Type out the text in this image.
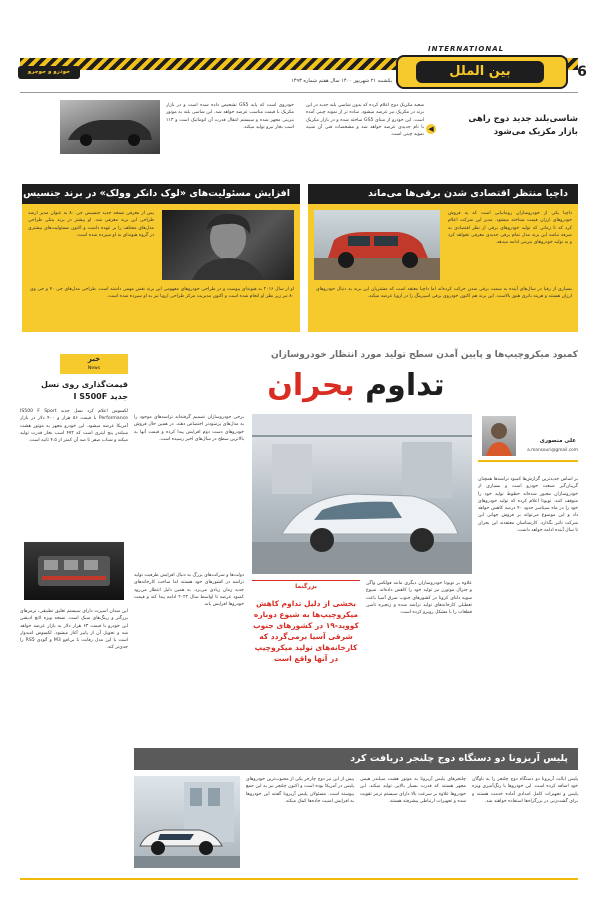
INTERNATIONAL
بین الملل	6
یکشنبه ۲۱ شهریور ۱۴۰۰ سال هفتم شماره ۱۴۹۳
خودرو و جوجرو
خودروی است که پایه GS5 تشخیص داده شده است و در بازار مکزیک با قیمت مناسب عرضه خواهد شد. این شاسی بلند به موتور بنزینی مجهز شده و سیستم انتقال قدرت آن اتوماتیک است و ۱۱۳ اسب بخار نیرو تولید میکند.
شعبه مکزیک دوج اعلام کرده که بدون شاسی بلند جدید در این برند در مکزیک نیز عرضه میشود. ساده تر از نمونه چینی آمده است. این خودرو از مبنای GS5 ساخته شده و در بازار مکزیک با نام جدیدی عرضه خواهد شد و مشخصات فنی آن شبیه نمونه چینی است.
شاسی‌بلند جدید دوج راهی
بازار مکزیک می‌شود
◀
داچیا منتظر اقتصادی شدن برقی‌ها می‌ماند
داچیا یکی از خودروسازان رومانیایی است که به فروش خودروهای ارزان قیمت شناخته میشود. مدیر این شرکت اعلام کرد که تا زمانی که تولید خودروهای برقی از نظر اقتصادی به صرفه نباشد این برند مدل تمام برقی جدیدی معرفی نخواهد کرد و به تولید خودروهای بنزینی ادامه میدهد.
بسیاری از رقبا در سال‌های آینده به سمت برقی شدن حرکت کرده‌اند اما داچیا معتقد است که مشتریان این برند به دنبال خودروهای ارزان هستند و هزینه باتری هنوز بالاست. این برند هم اکنون خودروی برقی اسپرینگ را در اروپا عرضه میکند.
افزایش مسئولیت‌های «لوک دانکر وولک» در برند جنسیس
پس از معرفی نسخه جدید جنسیس جی ۸۰ به عنوان مدیر ارشد طراحی این برند معرفی شد. او پیشتر در برند بنتلی طراحی مدل‌های مختلف را بر عهده داشت و اکنون مسئولیت‌های بیشتری در گروه هیوندای به او سپرده شده است.
او از سال ۲۰۱۶ به هیوندای پیوست و در طراحی خودروهای مفهومی این برند نقش مهمی داشته است. طراحی مدل‌های جی ۷۰ و جی وی ۸۰ نیز زیر نظر او انجام شده است و اکنون مدیریت مرکز طراحی اروپا نیز به او سپرده شده است.
کمبود میکروچیپ‌ها و پایین آمدن سطح تولید مورد انتظار خودروسازان
تداوم بحران
علی منصوری
a.mansouri@gmail.com
بر اساس جدیدترین گزارش‌ها کمبود تراشه‌ها همچنان گریبان‌گیر صنعت خودرو است و بسیاری از خودروسازان مجبور شده‌اند خطوط تولید خود را متوقف کنند. تویوتا اعلام کرده که تولید خودروهای خود را در ماه سپتامبر حدود ۴۰ درصد کاهش خواهد داد و این موضوع می‌تواند بر فروش جهانی این شرکت تاثیر بگذارد. کارشناسان معتقدند این بحران تا سال آینده ادامه خواهد داشت.
برخی خودروسازان تصمیم گرفته‌اند تراشه‌های موجود را به مدل‌های پرسودتر اختصاص دهند. در همین حال فروش خودروهای دست دوم افزایش پیدا کرده و قیمت آنها به بالاترین سطح در سال‌های اخیر رسیده است.
علاوه بر تویوتا خودروسازان دیگری مانند فولکس واگن و جنرال موتورز نیز تولید خود را کاهش داده‌اند. شیوع سویه دلتای کرونا در کشورهای جنوب شرق آسیا باعث تعطیلی کارخانه‌های تولید تراشه شده و زنجیره تامین قطعات را با مشکل روبرو کرده است.
دولت‌ها و شرکت‌های بزرگ به دنبال افزایش ظرفیت تولید تراشه در کشورهای خود هستند اما ساخت کارخانه‌های جدید زمان زیادی می‌برد. به همین دلیل انتظار می‌رود کمبود عرضه تا اواسط سال ۲۰۲۲ ادامه پیدا کند و قیمت خودروها افزایش یابد.
بزرگنما
بخشی از دلیل تداوم کاهش میکروچیپ‌ها به شیوع دوباره کووید-۱۹ در کشورهای جنوب شرقی آسیا برمی‌گردد که کارخانه‌های تولید میکروچیپ در آنها واقع است
خبر
News
قیمت‌گذاری روی نسل
جدید I S500F
لکسوس اعلام کرد نسل جدید IS500 F Sport Performance با قیمت ۵۶ هزار و ۴۰۰ دلار در بازار آمریکا عرضه میشود. این خودرو مجهز به موتور هشت سیلندر پنج لیتری است که ۴۷۲ اسب بخار قدرت تولید میکند و شتاب صفر تا صد آن کمتر از ۴.۵ ثانیه است.
این سدان اسپرت دارای سیستم تعلیق تطبیقی، ترمزهای بزرگتر و رینگ‌های سبک است. نسخه ویژه لانچ ادیشن این خودرو با قیمت ۶۳ هزار دلار به بازار عرضه خواهد شد و تحویل آن از پاییز آغاز میشود. لکسوس امیدوار است با این مدل رقابت با بی‌ام‌و M3 و آئودی RS5 را جدی‌تر کند.
پلیس آریزونا دو دستگاه دوج چلنجر دریافت کرد
پلیس ایالت آریزونا دو دستگاه دوج چلنجر را به ناوگان خود اضافه کرده است. این خودروها با رنگ‌آمیزی ویژه پلیس و تجهیزات کامل امدادی آماده خدمت هستند و برای گشت‌زنی در بزرگراه‌ها استفاده خواهند شد.
چلنجرهای پلیس آریزونا به موتور هشت سیلندر هیمی مجهز هستند که قدرت بسیار بالایی تولید میکند. این خودروها علاوه بر سرعت بالا دارای سیستم ترمز تقویت شده و تجهیزات ارتباطی پیشرفته هستند.
پیش از این نیز دوج چارجر یکی از محبوب‌ترین خودروهای پلیس در آمریکا بوده است و اکنون چلنجر نیز به این جمع پیوسته است. مسئولان پلیس آریزونا گفتند این خودروها به افزایش امنیت جاده‌ها کمک میکند.
